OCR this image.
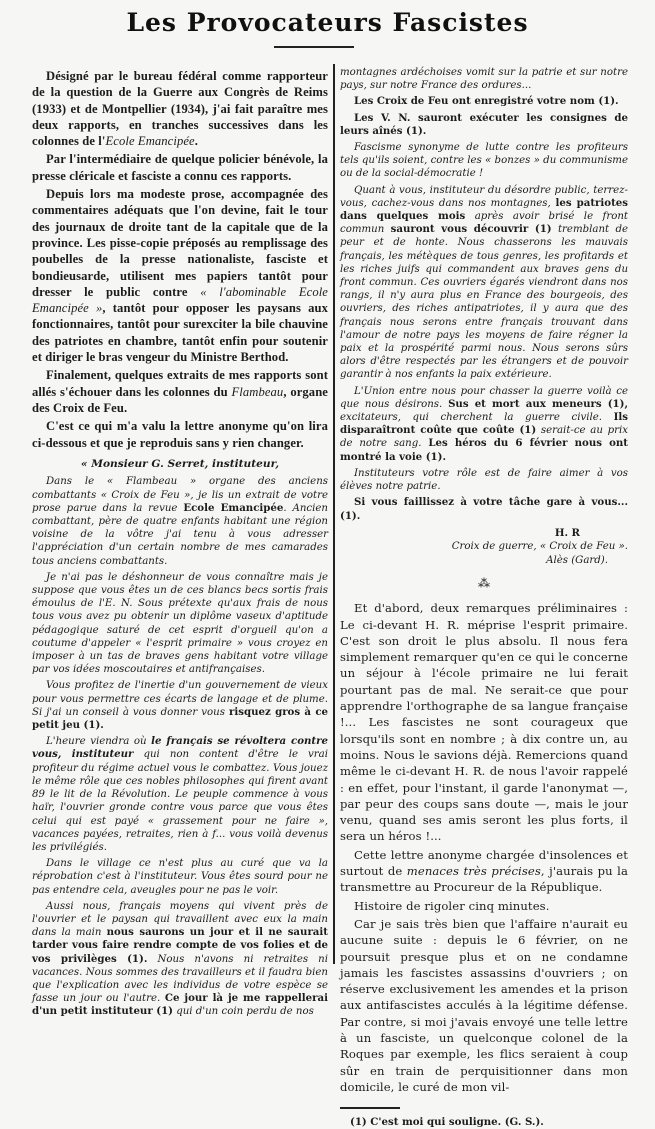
Les Provocateurs Fascistes

Désigné par le bureau fédéral comme rapporteur de la question de la Guerre aux Congrès de Reims (1933) et de Montpellier (1934), j'ai fait paraître mes deux rapports, en tranches successives dans les colonnes de l'Ecole Emancipée.

Par l'intermédiaire de quelque policier bénévole, la presse cléricale et fasciste a connu ces rapports.

Depuis lors ma modeste prose, accompagnée des commentaires adéquats que l'on devine, fait le tour des journaux de droite tant de la capitale que de la province. Les pisse-copie préposés au remplissage des poubelles de la presse nationaliste, fasciste et bondieusarde, utilisent mes papiers tantôt pour dresser le public contre « l'abominable Ecole Emancipée », tantôt pour opposer les paysans aux fonctionnaires, tantôt pour surexciter la bile chauvine des patriotes en chambre, tantôt enfin pour soutenir et diriger le bras vengeur du Ministre Berthod.

Finalement, quelques extraits de mes rapports sont allés s'échouer dans les colonnes du Flambeau, organe des Croix de Feu.

C'est ce qui m'a valu la lettre anonyme qu'on lira ci-dessous et que je reproduis sans y rien changer.

« Monsieur G. Serret, instituteur,

Dans le « Flambeau » organe des anciens combattants « Croix de Feu », je lis un extrait de votre prose parue dans la revue Ecole Emancipée. Ancien combattant, père de quatre enfants habitant une région voisine de la vôtre j'ai tenu à vous adresser l'appréciation d'un certain nombre de mes camarades tous anciens combattants.

Je n'ai pas le déshonneur de vous connaître mais je suppose que vous êtes un de ces blancs becs sortis frais émoulus de l'E. N. Sous prétexte qu'aux frais de nous tous vous avez pu obtenir un diplôme vaseux d'aptitude pédagogique saturé de cet esprit d'orgueil qu'on a coutume d'appeler « l'esprit primaire » vous croyez en imposer à un tas de braves gens habitant votre village par vos idées moscoutaires et antifrançaises.

Vous profitez de l'inertie d'un gouvernement de vieux pour vous permettre ces écarts de langage et de plume. Si j'ai un conseil à vous donner vous risquez gros à ce petit jeu (1).

L'heure viendra où le français se révoltera contre vous, instituteur qui non content d'être le vrai profiteur du régime actuel vous le combattez. Vous jouez le même rôle que ces nobles philosophes qui firent avant 89 le lit de la Révolution. Le peuple commence à vous haïr, l'ouvrier gronde contre vous parce que vous êtes celui qui est payé « grassement pour ne faire », vacances payées, retraites, rien à f... vous voilà devenus les privilégiés.

Dans le village ce n'est plus au curé que va la réprobation c'est à l'instituteur. Vous êtes sourd pour ne pas entendre cela, aveugles pour ne pas le voir.

Aussi nous, français moyens qui vivent près de l'ouvrier et le paysan qui travaillent avec eux la main dans la main nous saurons un jour et il ne saurait tarder vous faire rendre compte de vos folies et de vos privilèges (1). Nous n'avons ni retraites ni vacances. Nous sommes des travailleurs et il faudra bien que l'explication avec les individus de votre espèce se fasse un jour ou l'autre. Ce jour là je me rappellerai d'un petit instituteur (1) qui d'un coin perdu de nos

montagnes ardéchoises vomit sur la patrie et sur notre pays, sur notre France des ordures...

Les Croix de Feu ont enregistré votre nom (1).

Les V. N. sauront exécuter les consignes de leurs aînés (1).

Fascisme synonyme de lutte contre les profiteurs tels qu'ils soient, contre les « bonzes » du communisme ou de la social-démocratie !

Quant à vous, instituteur du désordre public, terrez-vous, cachez-vous dans nos montagnes, les patriotes dans quelques mois après avoir brisé le front commun sauront vous découvrir (1) tremblant de peur et de honte. Nous chasserons les mauvais français, les métèques de tous genres, les profitards et les riches juifs qui commandent aux braves gens du front commun. Ces ouvriers égarés viendront dans nos rangs, il n'y aura plus en France des bourgeois, des ouvriers, des riches antipatriotes, il y aura que des français nous serons entre français trouvant dans l'amour de notre pays les moyens de faire régner la paix et la prospérité parmi nous. Nous serons sûrs alors d'être respectés par les étrangers et de pouvoir garantir à nos enfants la paix extérieure.

L'Union entre nous pour chasser la guerre voilà ce que nous désirons. Sus et mort aux meneurs (1), excitateurs, qui cherchent la guerre civile. Ils disparaîtront coûte que coûte (1) serait-ce au prix de notre sang. Les héros du 6 février nous ont montré la voie (1).

Instituteurs votre rôle est de faire aimer à vos élèves notre patrie.

Si vous faillissez à votre tâche gare à vous... (1).

H. R

Croix de guerre, « Croix de Feu ».

Alès (Gard).

⁂

Et d'abord, deux remarques préliminaires : Le ci-devant H. R. méprise l'esprit primaire. C'est son droit le plus absolu. Il nous fera simplement remarquer qu'en ce qui le concerne un séjour à l'école primaire ne lui ferait pourtant pas de mal. Ne serait-ce que pour apprendre l'orthographe de sa langue française !... Les fascistes ne sont courageux que lorsqu'ils sont en nombre ; à dix contre un, au moins. Nous le savions déjà. Remercions quand même le ci-devant H. R. de nous l'avoir rappelé : en effet, pour l'instant, il garde l'anonymat —, par peur des coups sans doute —, mais le jour venu, quand ses amis seront les plus forts, il sera un héros !...

Cette lettre anonyme chargée d'insolences et surtout de menaces très précises, j'aurais pu la transmettre au Procureur de la République.

Histoire de rigoler cinq minutes.

Car je sais très bien que l'affaire n'aurait eu aucune suite : depuis le 6 février, on ne poursuit presque plus et on ne condamne jamais les fascistes assassins d'ouvriers ; on réserve exclusivement les amendes et la prison aux antifascistes acculés à la légitime défense. Par contre, si moi j'avais envoyé une telle lettre à un fasciste, un quelconque colonel de la Roques par exemple, les flics seraient à coup sûr en train de perquisitionner dans mon domicile, le curé de mon vil-

(1) C'est moi qui souligne. (G. S.).
